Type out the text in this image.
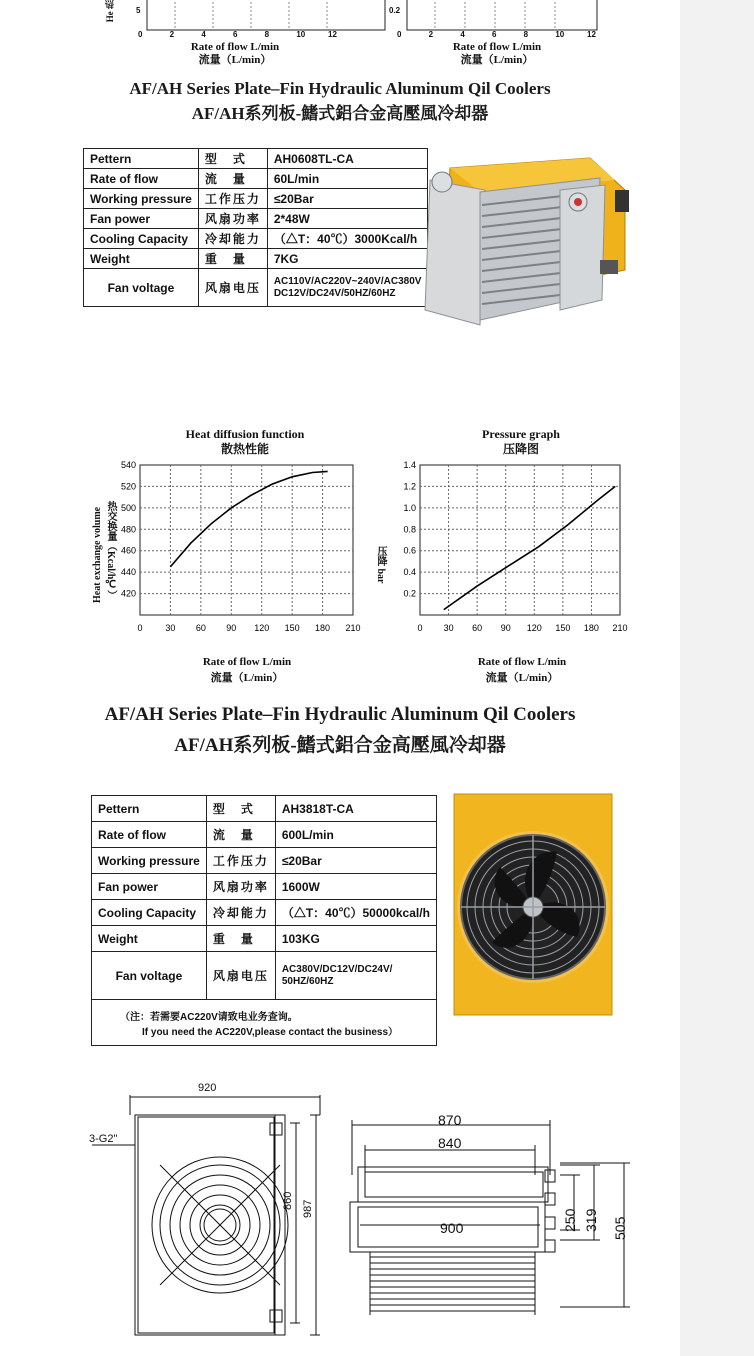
He 热	5	0.2
0	2	4	6	8	10	12	0	2	4	6	8	10	12
Rate of flow L/min
流量（L/min）
Rate of flow L/min
流量（L/min）
AF/AH Series Plate–Fin Hydraulic Aluminum Qil Coolers
AF/AH系列板-鰭式鋁合金高壓風冷却器
Pettern	型　式	AH0608TL-CA
Rate of flow	流　量	60L/min
Working pressure	工作压力	≤20Bar
Fan power	风扇功率	2*48W
Cooling Capacity	冷却能力	（△T：40℃）3000Kcal/h
Weight	重　量	7KG
Fan voltage	风扇电压	AC110V/AC220V~240V/AC380V
DC12V/DC24V/50HZ/60HZ
Heat diffusion function
散热性能
Pressure graph
压降图
0	30 60 90 120 150 180 210
420
440
460
480
500
520
540
0 30 60 90 120 150 180 210
0.2
0.4
0.6
0.8
1.0
1.2
1.4
Heat exchange volume 热交换量（Kcal/h℃）	压降 bar
Rate of flow L/min
流量（L/min）
Rate of flow L/min
流量（L/min）
AF/AH Series Plate–Fin Hydraulic Aluminum Qil Coolers
AF/AH系列板-鰭式鋁合金高壓風冷却器
Pettern	型　式	AH3818T-CA
Rate of flow	流　量	600L/min
Working pressure	工作压力	≤20Bar
Fan power	风扇功率	1600W
Cooling Capacity	冷却能力	（△T：40℃）50000kcal/h
Weight	重　量	103KG
Fan voltage	风扇电压	AC380V/DC12V/DC24V/
50HZ/60HZ

（注：若需要AC220V请致电业务查询。
If you need the AC220V,please contact the business）		
920
3-G2"
860 987
870
840
900	250 319 505
